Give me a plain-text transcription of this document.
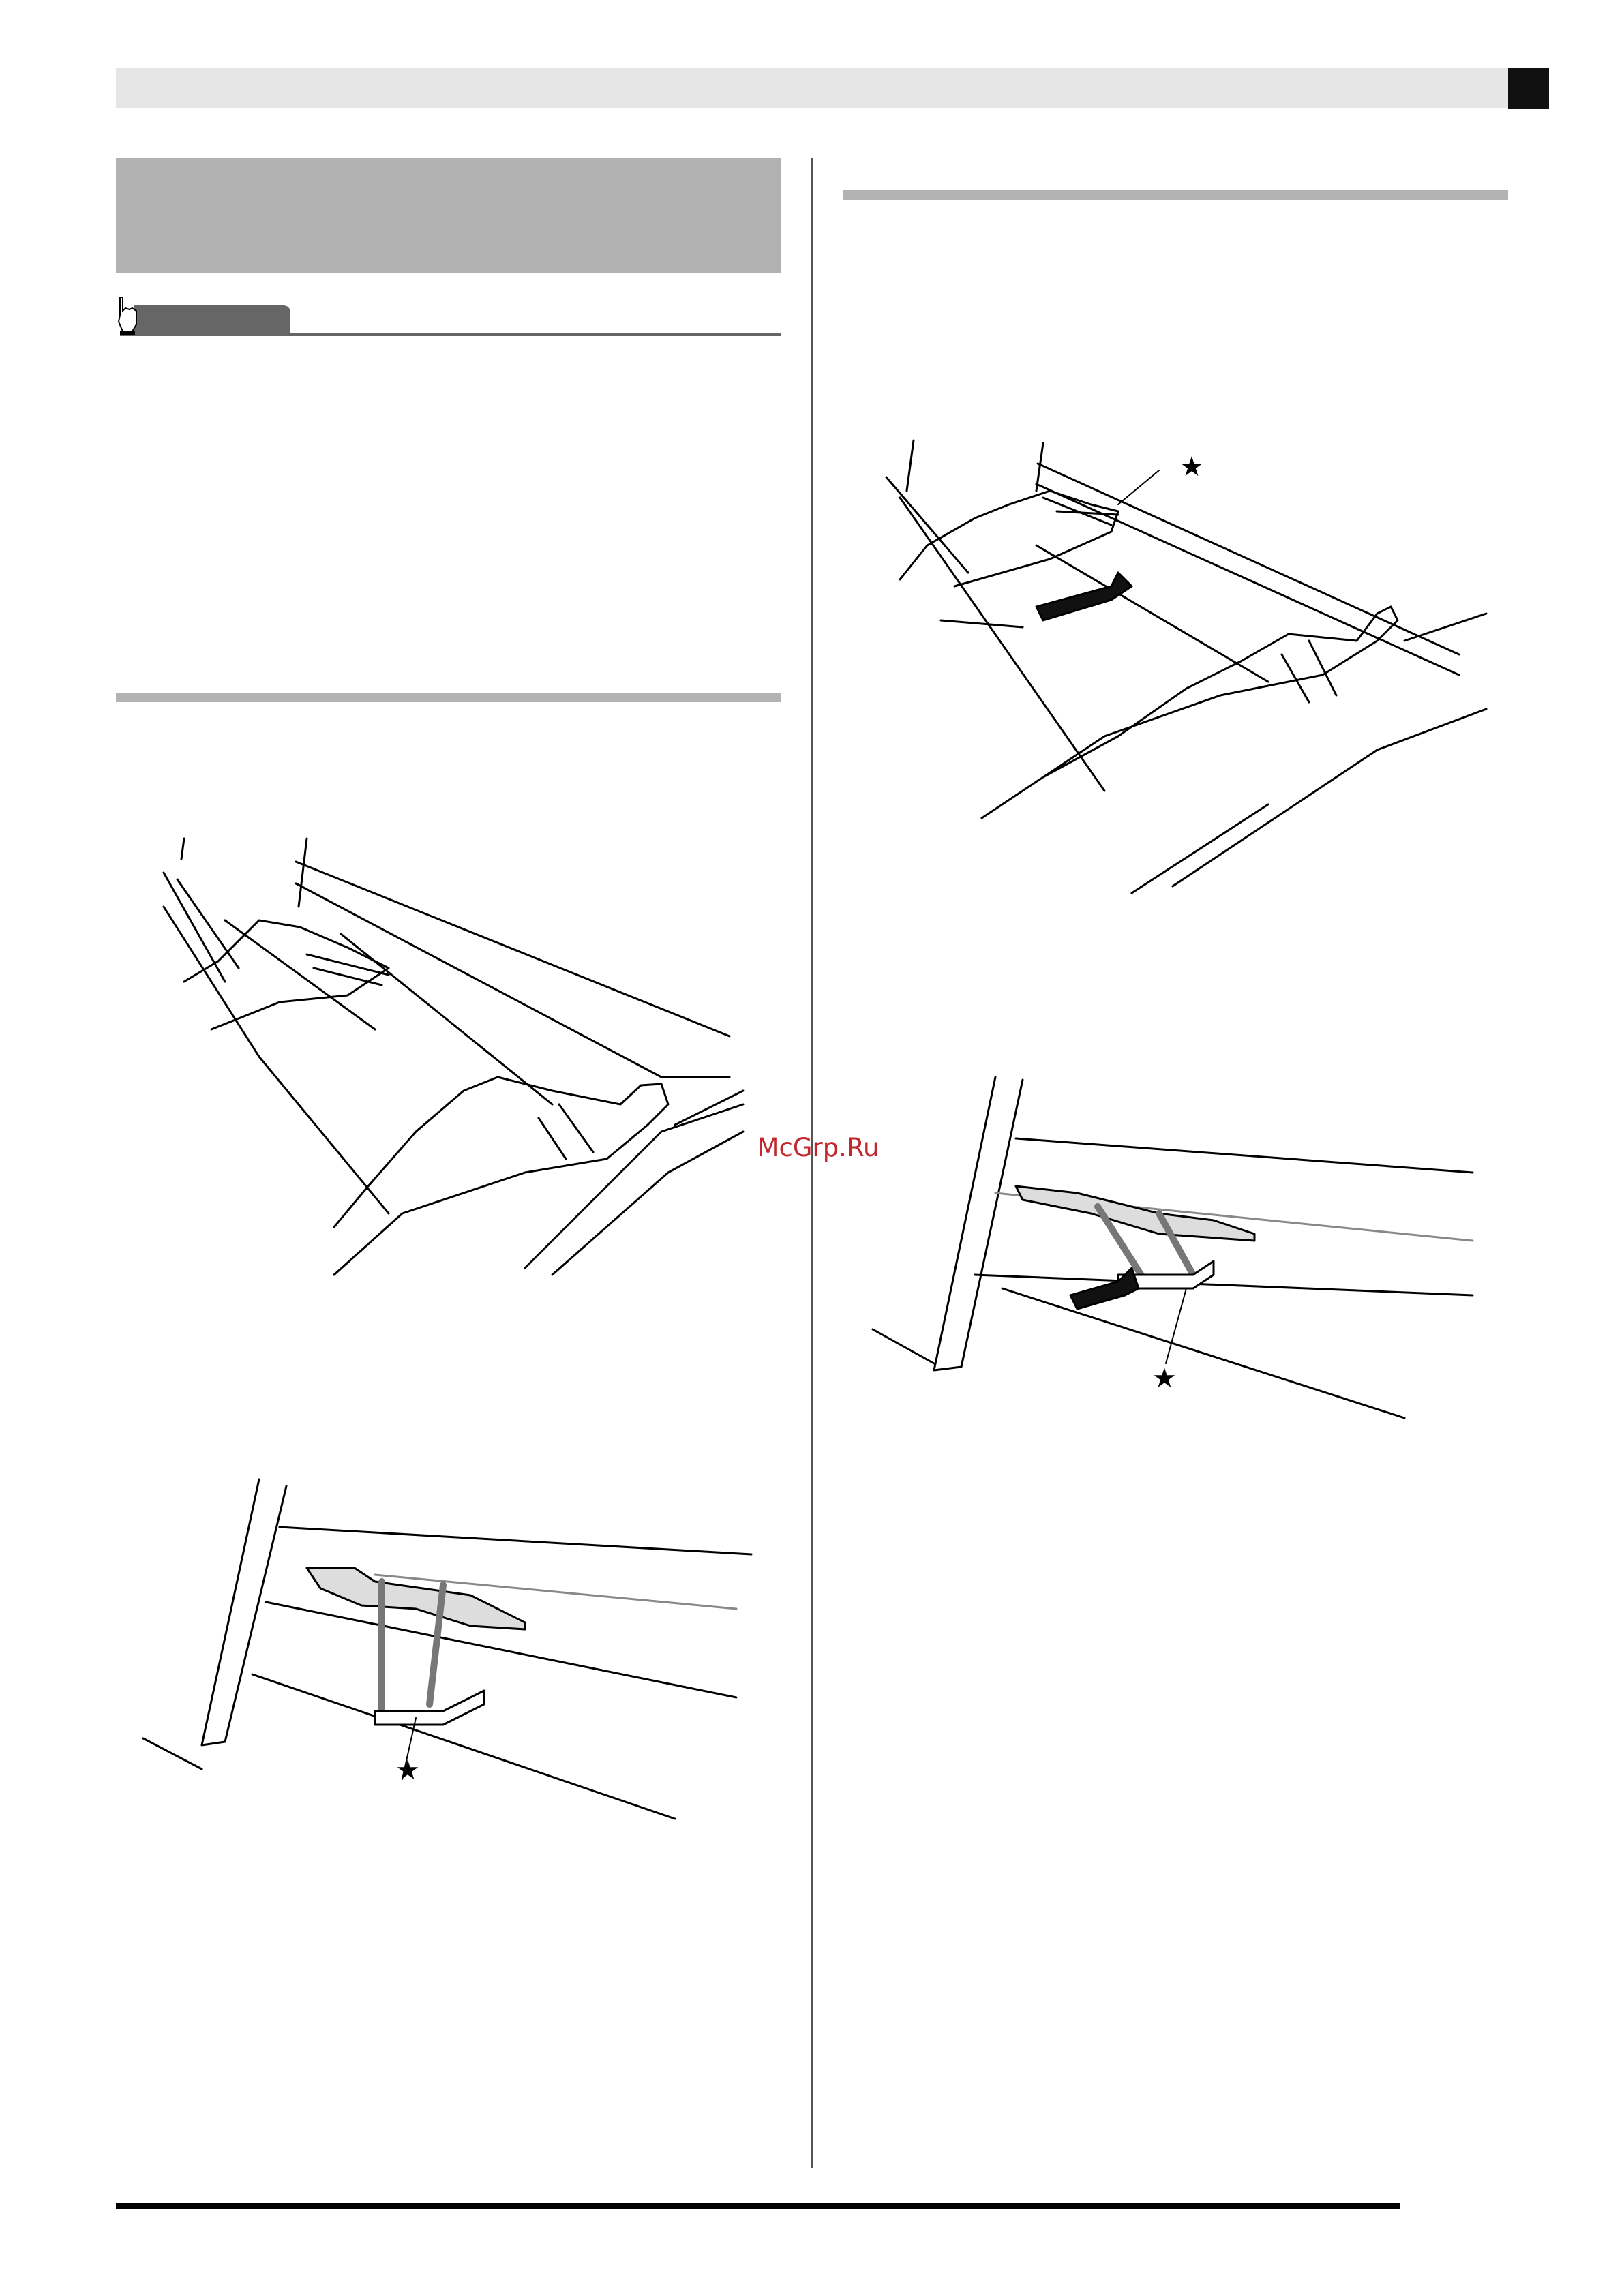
McGrp.Ru
★
★
★
